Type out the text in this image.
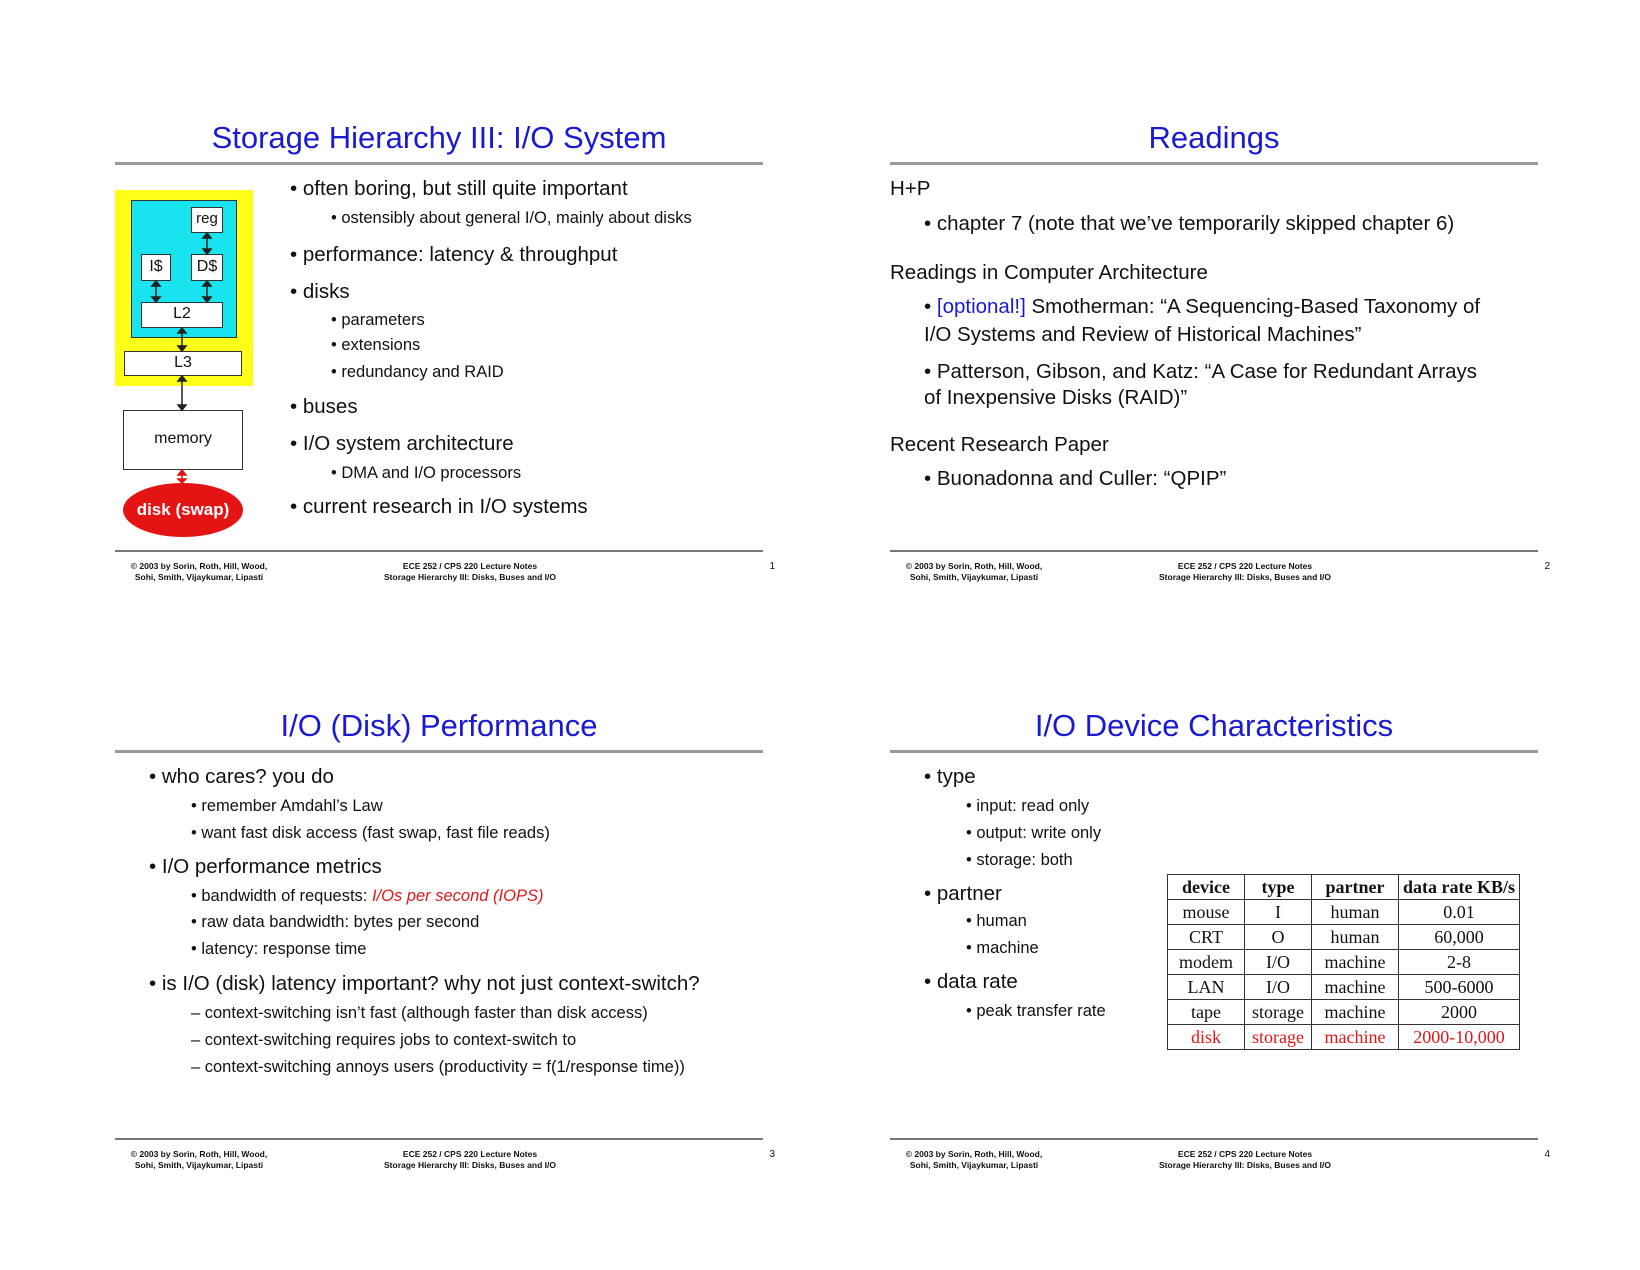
Storage Hierarchy III: I/O System
reg
I$	D$
L2
L3
memory
disk (swap)
• often boring, but still quite important
• ostensibly about general I/O, mainly about disks
• performance: latency & throughput
• disks
• parameters
• extensions
• redundancy and RAID
• buses
• I/O system architecture
• DMA and I/O processors
• current research in I/O systems
© 2003 by Sorin, Roth, Hill, Wood,
Sohi, Smith, Vijaykumar, Lipasti
ECE 252 / CPS 220 Lecture Notes
Storage Hierarchy III: Disks, Buses and I/O
1
Readings
H+P
• chapter 7 (note that we’ve temporarily skipped chapter 6)
Readings in Computer Architecture
• [optional!] Smotherman: “A Sequencing-Based Taxonomy of
I/O Systems and Review of Historical Machines”
• Patterson, Gibson, and Katz: “A Case for Redundant Arrays
of Inexpensive Disks (RAID)”
Recent Research Paper
• Buonadonna and Culler: “QPIP”
© 2003 by Sorin, Roth, Hill, Wood,
Sohi, Smith, Vijaykumar, Lipasti
ECE 252 / CPS 220 Lecture Notes
Storage Hierarchy III: Disks, Buses and I/O
2
I/O (Disk) Performance
• who cares? you do
• remember Amdahl’s Law
• want fast disk access (fast swap, fast file reads)
• I/O performance metrics
• bandwidth of requests: I/Os per second (IOPS)
• raw data bandwidth: bytes per second
• latency: response time
• is I/O (disk) latency important? why not just context-switch?
– context-switching isn’t fast (although faster than disk access)
– context-switching requires jobs to context-switch to
– context-switching annoys users (productivity = f(1/response time))
© 2003 by Sorin, Roth, Hill, Wood,
Sohi, Smith, Vijaykumar, Lipasti
ECE 252 / CPS 220 Lecture Notes
Storage Hierarchy III: Disks, Buses and I/O
3
I/O Device Characteristics
• type
• input: read only
• output: write only
• storage: both
• partner
• human
• machine
• data rate
• peak transfer rate
device	type	partner	data rate KB/s
mouse	I	human	0.01
CRT	O	human	60,000
modem	I/O	machine	2-8
LAN	I/O	machine	500-6000
tape	storage	machine	2000
disk	storage	machine	2000-10,000
© 2003 by Sorin, Roth, Hill, Wood,
Sohi, Smith, Vijaykumar, Lipasti
ECE 252 / CPS 220 Lecture Notes
Storage Hierarchy III: Disks, Buses and I/O
4
